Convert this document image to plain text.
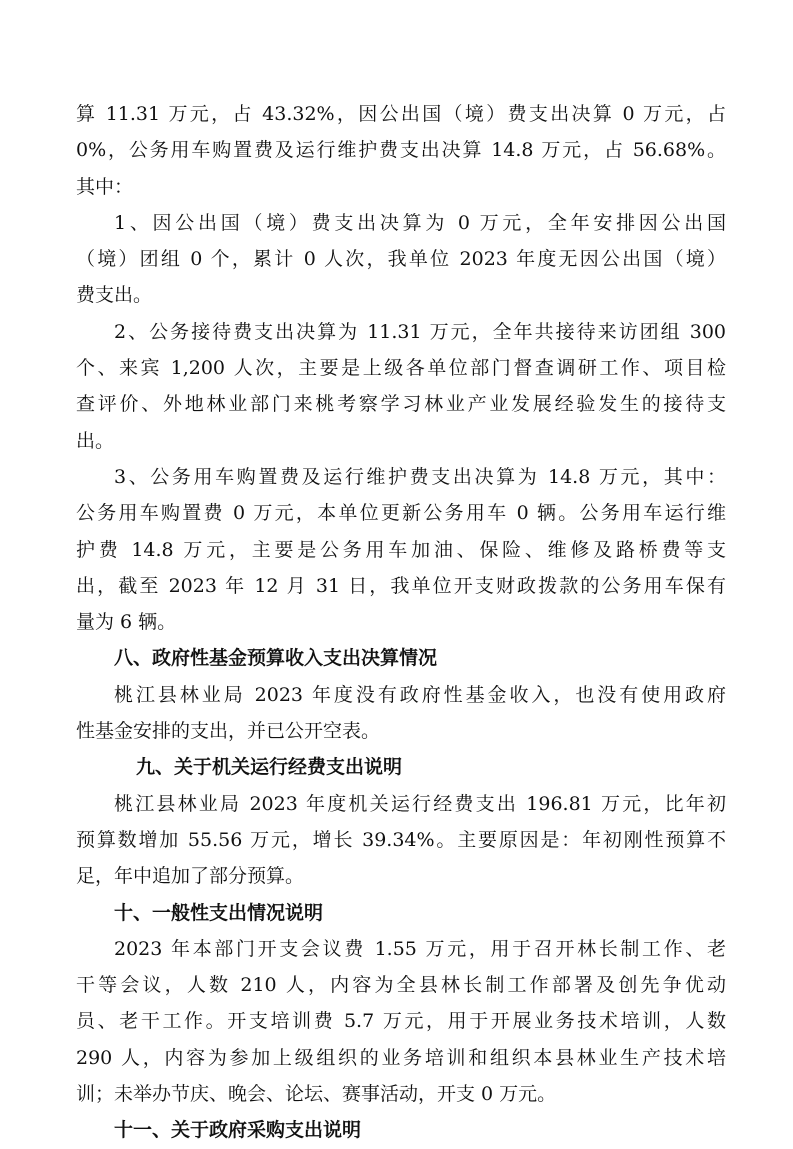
算 11.31 万元，占 43.32%，因公出国（境）费支出决算 0 万元，占
0%，公务用车购置费及运行维护费支出决算 14.8 万元，占 56.68%。
其中：
1、因公出国（境）费支出决算为 0 万元，全年安排因公出国
（境）团组 0 个，累计 0 人次，我单位 2023 年度无因公出国（境）
费支出。
2、公务接待费支出决算为 11.31 万元，全年共接待来访团组 300
个、来宾 1,200 人次，主要是上级各单位部门督查调研工作、项目检
查评价、外地林业部门来桃考察学习林业产业发展经验发生的接待支
出。
3、公务用车购置费及运行维护费支出决算为 14.8 万元，其中：
公务用车购置费 0 万元，本单位更新公务用车 0 辆。公务用车运行维
护费 14.8 万元，主要是公务用车加油、保险、维修及路桥费等支
出，截至 2023 年 12 月 31 日，我单位开支财政拨款的公务用车保有
量为 6 辆。
八、政府性基金预算收入支出决算情况
桃江县林业局 2023 年度没有政府性基金收入，也没有使用政府
性基金安排的支出，并已公开空表。
九、关于机关运行经费支出说明
桃江县林业局 2023 年度机关运行经费支出 196.81 万元，比年初
预算数增加 55.56 万元，增长 39.34%。主要原因是：年初刚性预算不
足，年中追加了部分预算。
十、一般性支出情况说明
2023 年本部门开支会议费 1.55 万元，用于召开林长制工作、老
干等会议，人数 210 人，内容为全县林长制工作部署及创先争优动
员、老干工作。开支培训费 5.7 万元，用于开展业务技术培训，人数
290 人，内容为参加上级组织的业务培训和组织本县林业生产技术培
训；未举办节庆、晚会、论坛、赛事活动，开支 0 万元。
十一、关于政府采购支出说明
